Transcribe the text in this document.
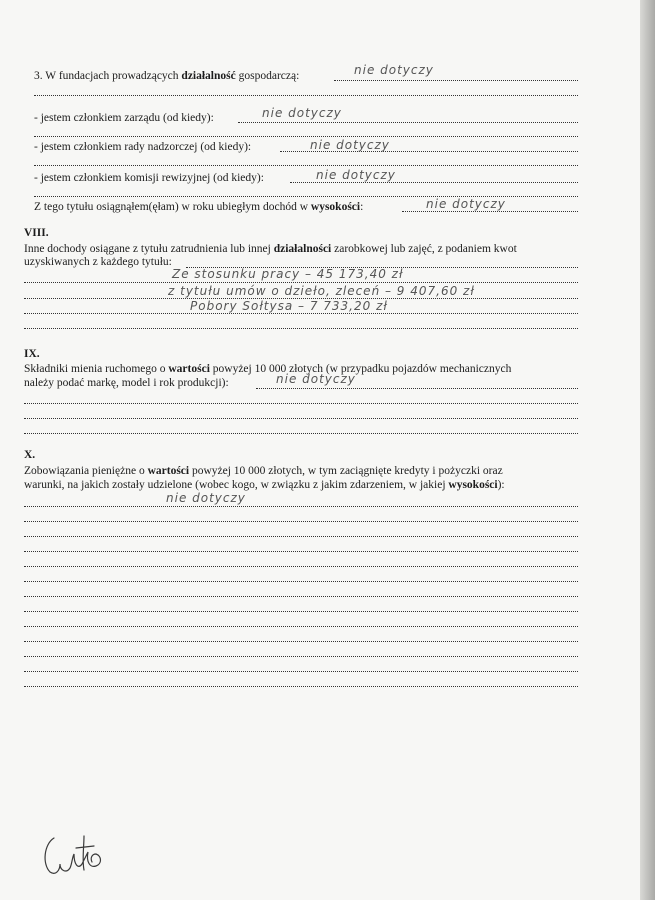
3. W fundacjach prowadzących działalność gospodarczą:	nie dotyczy
- jestem członkiem zarządu (od kiedy):	nie dotyczy
- jestem członkiem rady nadzorczej (od kiedy):	nie dotyczy
- jestem członkiem komisji rewizyjnej (od kiedy):	nie dotyczy
Z tego tytułu osiągnąłem(ęłam) w roku ubiegłym dochód w wysokości:	nie dotyczy
VIII.
Inne dochody osiągane z tytułu zatrudnienia lub innej działalności zarobkowej lub zajęć, z podaniem kwot
uzyskiwanych z każdego tytułu:
Ze stosunku pracy – 45 173,40 zł
z tytułu umów o dzieło, zleceń – 9 407,60 zł
Pobory Sołtysa – 7 733,20 zł
IX.
Składniki mienia ruchomego o wartości powyżej 10 000 złotych (w przypadku pojazdów mechanicznych
należy podać markę, model i rok produkcji):	nie dotyczy
X.
Zobowiązania pieniężne o wartości powyżej 10 000 złotych, w tym zaciągnięte kredyty i pożyczki oraz
warunki, na jakich zostały udzielone (wobec kogo, w związku z jakim zdarzeniem, w jakiej wysokości):
nie dotyczy
